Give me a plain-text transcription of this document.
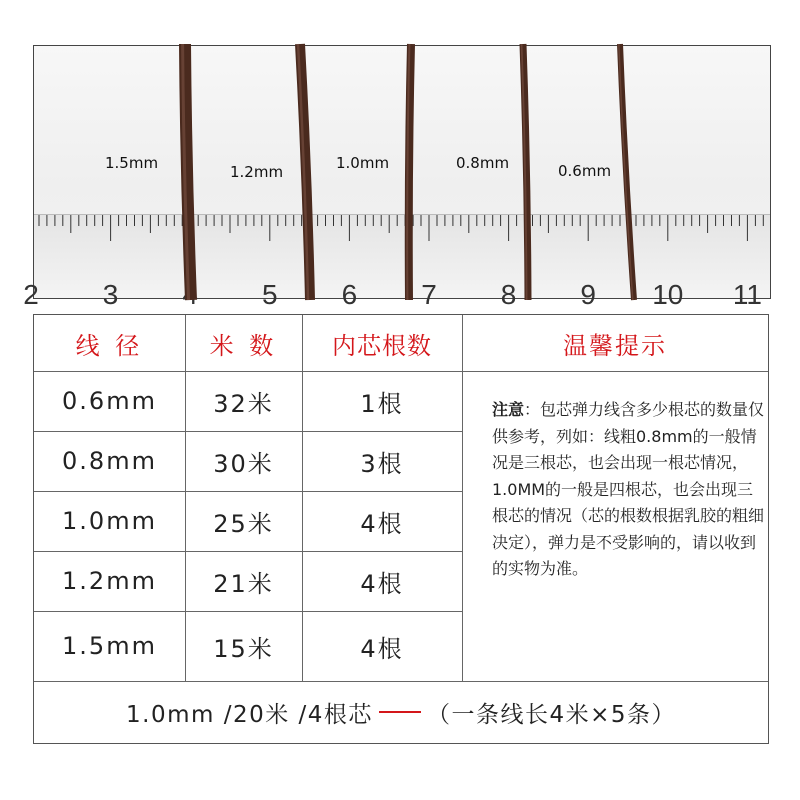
2 3 4 5 6 7 8 9 10 11
1.5mm	1.2mm	1.0mm	0.8mm	0.6mm
线 径	米 数	内芯根数	温馨提示
0.6mm	32米	1根
0.8mm	30米	3根
1.0mm	25米	4根
1.2mm	21米	4根
1.5mm	15米	4根
注意：包芯弹力线含多少根芯的数量仅供参考，列如：线粗0.8mm的一般情况是三根芯，也会出现一根芯情况，1.0MM的一般是四根芯，也会出现三根芯的情况（芯的根数根据乳胶的粗细决定），弹力是不受影响的，请以收到的实物为准。
1.0mm /20米 /4根芯 （一条线长4米×5条）
